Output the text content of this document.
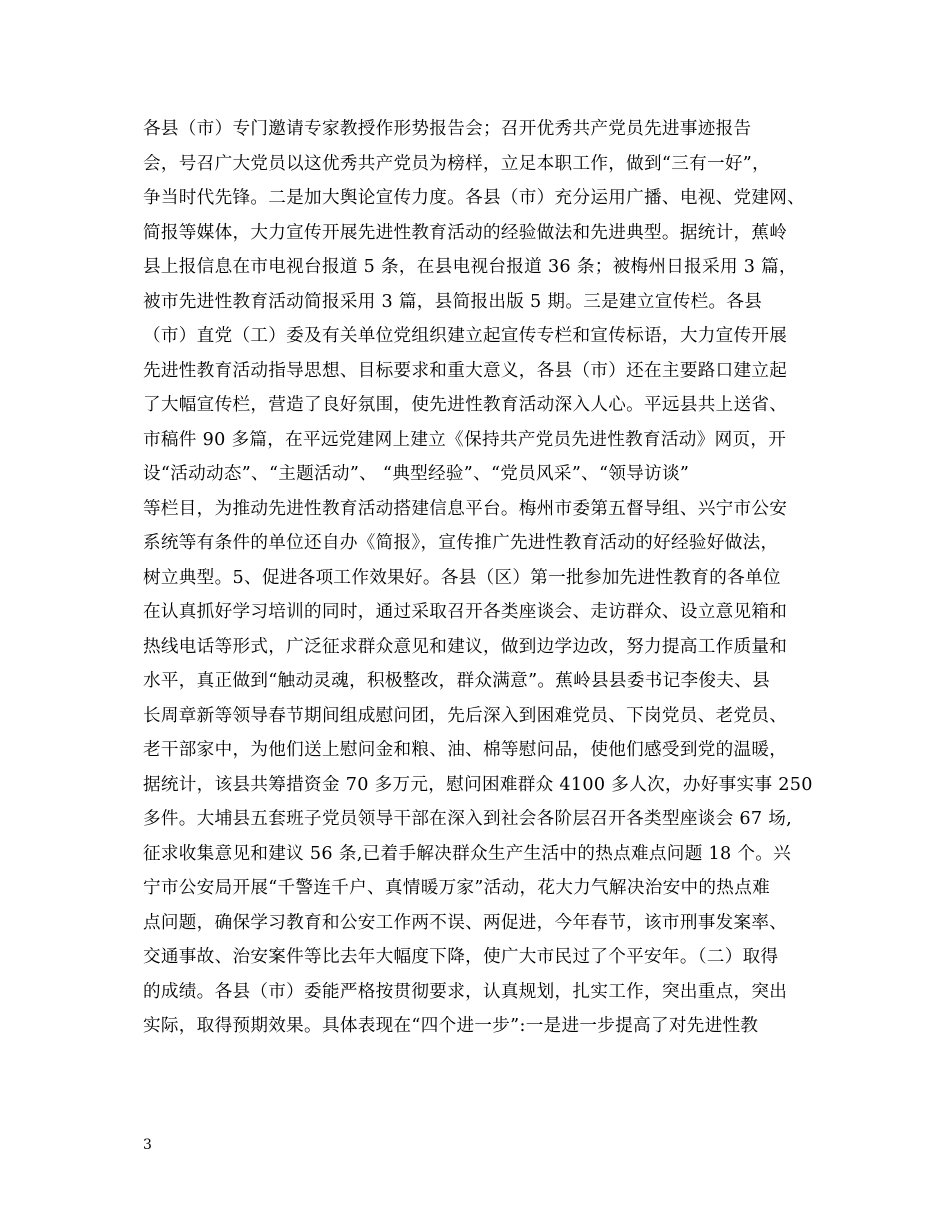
各县（市）专门邀请专家教授作形势报告会；召开优秀共产党员先进事迹报告
会，号召广大党员以这优秀共产党员为榜样，立足本职工作，做到“三有一好”，
争当时代先锋。二是加大舆论宣传力度。各县（市）充分运用广播、电视、党建网、
简报等媒体，大力宣传开展先进性教育活动的经验做法和先进典型。据统计，蕉岭
县上报信息在市电视台报道 5 条，在县电视台报道 36 条；被梅州日报采用 3 篇，
被市先进性教育活动简报采用 3 篇，县简报出版 5 期。三是建立宣传栏。各县
（市）直党（工）委及有关单位党组织建立起宣传专栏和宣传标语，大力宣传开展
先进性教育活动指导思想、目标要求和重大意义，各县（市）还在主要路口建立起
了大幅宣传栏，营造了良好氛围，使先进性教育活动深入人心。平远县共上送省、
市稿件 90 多篇，在平远党建网上建立《保持共产党员先进性教育活动》网页，开
设“活动动态”、“主题活动”、 “典型经验”、“党员风采”、“领导访谈”
等栏目，为推动先进性教育活动搭建信息平台。梅州市委第五督导组、兴宁市公安
系统等有条件的单位还自办《简报》，宣传推广先进性教育活动的好经验好做法，
树立典型。5、促进各项工作效果好。各县（区）第一批参加先进性教育的各单位
在认真抓好学习培训的同时，通过采取召开各类座谈会、走访群众、设立意见箱和
热线电话等形式，广泛征求群众意见和建议，做到边学边改，努力提高工作质量和
水平，真正做到“触动灵魂，积极整改，群众满意”。蕉岭县县委书记李俊夫、县
长周章新等领导春节期间组成慰问团，先后深入到困难党员、下岗党员、老党员、
老干部家中，为他们送上慰问金和粮、油、棉等慰问品，使他们感受到党的温暖，
据统计，该县共筹措资金 70 多万元，慰问困难群众 4100 多人次，办好事实事 250
多件。大埔县五套班子党员领导干部在深入到社会各阶层召开各类型座谈会 67 场,
征求收集意见和建议 56 条,已着手解决群众生产生活中的热点难点问题 18 个。兴
宁市公安局开展“千警连千户、真情暖万家”活动，花大力气解决治安中的热点难
点问题，确保学习教育和公安工作两不误、两促进，今年春节，该市刑事发案率、
交通事故、治安案件等比去年大幅度下降，使广大市民过了个平安年。（二）取得
的成绩。各县（市）委能严格按贯彻要求，认真规划，扎实工作，突出重点，突出
实际，取得预期效果。具体表现在“四个进一步”:一是进一步提高了对先进性教
3
